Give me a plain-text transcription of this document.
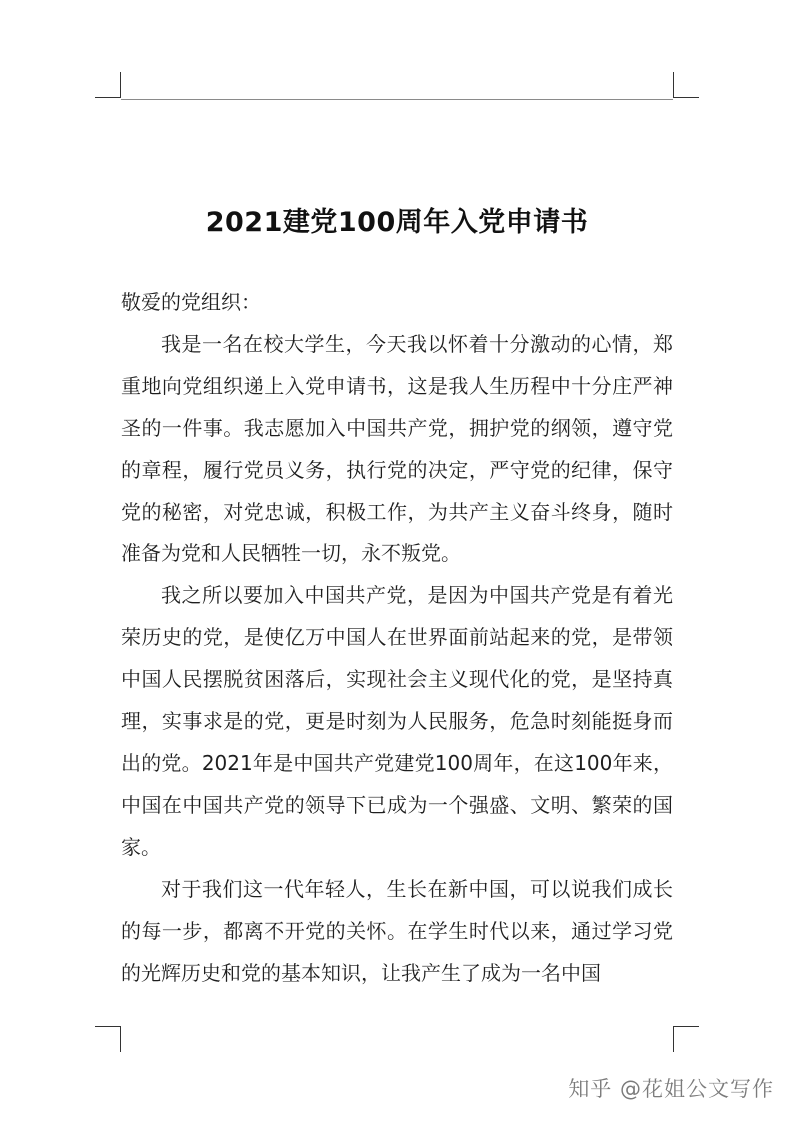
2021建党100周年入党申请书

敬爱的党组织：

我是一名在校大学生，今天我以怀着十分激动的心情，郑重地向党组织递上入党申请书，这是我人生历程中十分庄严神圣的一件事。我志愿加入中国共产党，拥护党的纲领，遵守党的章程，履行党员义务，执行党的决定，严守党的纪律，保守党的秘密，对党忠诚，积极工作，为共产主义奋斗终身，随时准备为党和人民牺牲一切，永不叛党。

我之所以要加入中国共产党，是因为中国共产党是有着光荣历史的党，是使亿万中国人在世界面前站起来的党，是带领中国人民摆脱贫困落后，实现社会主义现代化的党，是坚持真理，实事求是的党，更是时刻为人民服务，危急时刻能挺身而出的党。2021年是中国共产党建党100周年，在这100年来，中国在中国共产党的领导下已成为一个强盛、文明、繁荣的国家。

对于我们这一代年轻人，生长在新中国，可以说我们成长的每一步，都离不开党的关怀。在学生时代以来，通过学习党的光辉历史和党的基本知识，让我产生了成为一名中国

知乎 @花姐公文写作
